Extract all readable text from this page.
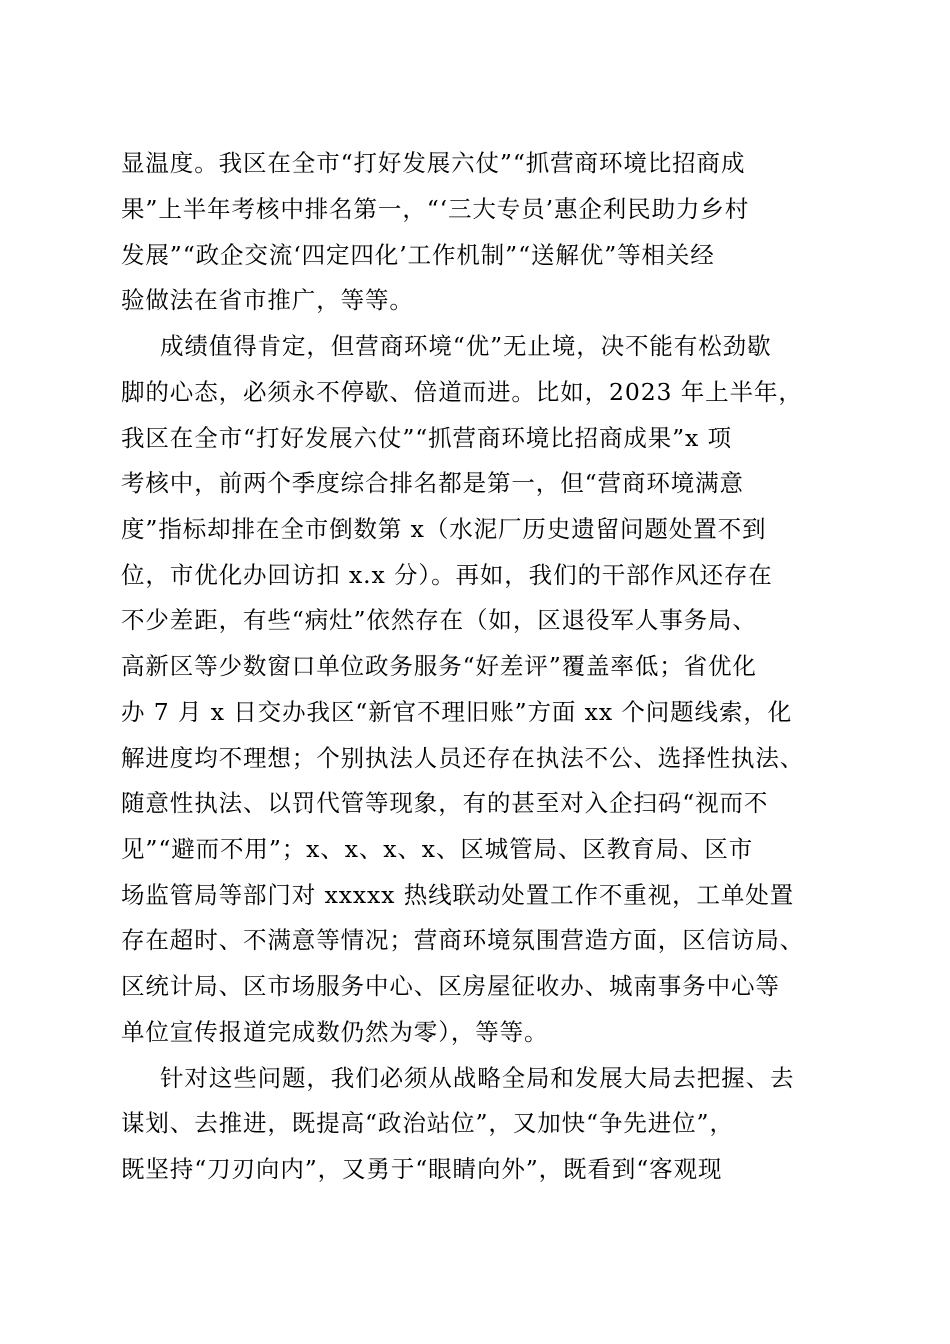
显温度。我区在全市“打好发展六仗”“抓营商环境比招商成
果”上半年考核中排名第一，“‘三大专员’惠企利民助力乡村
发展”“政企交流‘四定四化’工作机制”“送解优”等相关经
验做法在省市推广，等等。
成绩值得肯定，但营商环境“优”无止境，决不能有松劲歇
脚的心态，必须永不停歇、倍道而进。比如，2023 年上半年，
我区在全市“打好发展六仗”“抓营商环境比招商成果”x 项
考核中，前两个季度综合排名都是第一，但“营商环境满意
度”指标却排在全市倒数第 x（水泥厂历史遗留问题处置不到
位，市优化办回访扣 x.x 分）。再如，我们的干部作风还存在
不少差距，有些“病灶”依然存在（如，区退役军人事务局、
高新区等少数窗口单位政务服务“好差评”覆盖率低；省优化
办 7 月 x 日交办我区“新官不理旧账”方面 xx 个问题线索，化
解进度均不理想；个别执法人员还存在执法不公、选择性执法、
随意性执法、以罚代管等现象，有的甚至对入企扫码“视而不
见”“避而不用”；x、x、x、x、区城管局、区教育局、区市
场监管局等部门对 xxxxx 热线联动处置工作不重视，工单处置
存在超时、不满意等情况；营商环境氛围营造方面，区信访局、
区统计局、区市场服务中心、区房屋征收办、城南事务中心等
单位宣传报道完成数仍然为零），等等。
针对这些问题，我们必须从战略全局和发展大局去把握、去
谋划、去推进，既提高“政治站位”，又加快“争先进位”，
既坚持“刀刃向内”，又勇于“眼睛向外”，既看到“客观现
